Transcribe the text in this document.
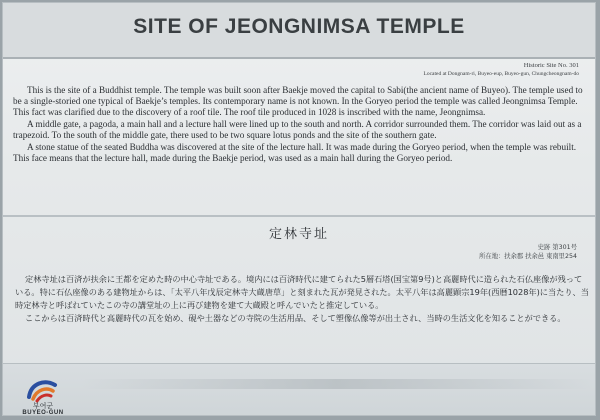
SITE OF JEONGNIMSA TEMPLE
Historic Site No. 301
Located at Dongnam-ri, Buyeo-eup, Buyeo-gun, Chungcheongnam-do

This is the site of a Buddhist temple. The temple was built soon after Baekje moved the capital to Sabi(the ancient name of Buyeo). The temple used to be a single-storied one typical of Baekje’s temples. Its contemporary name is not known. In the Goryeo period the temple was called Jeongnimsa Temple. This fact was clarified due to the discovery of a roof tile. The roof tile produced in 1028 is inscribed with the name, Jeongnimsa.

A middle gate, a pagoda, a main hall and a lecture hall were lined up to the south and north. A corridor surrounded them. The corridor was laid out as a trapezoid. To the south of the middle gate, there used to be two square lotus ponds and the site of the southern gate.

A stone statue of the seated Buddha was discovered at the site of the lecture hall. It was made during the Goryeo period, when the temple was rebuilt. This face means that the lecture hall, made during the Baekje period, was used as a main hall during the Goryeo period.

定林寺址
史跡 第301号
所在地：扶余郡 扶余邑 東南里254

定林寺址は百済が扶余に王都を定めた時の中心寺址である。境内には百済時代に建てられた5層石塔(国宝第9号)と高麗時代に造られた石仏座像が残っている。特に石仏座像のある建物址からは、「太平八年戊辰定林寺大蔵唐草」と刻まれた瓦が発見された。太平八年は高麗顕宗19年(西暦1028年)に当たり、当時定林寺と呼ばれていたこの寺の講堂址の上に再び建物を建て大蔵殿と呼んでいたと推定している。

ここからは百済時代と高麗時代の瓦を始め、硯や土器などの寺院の生活用品、そして塑像仏像等が出土され、当時の生活文化を知ることができる。

부여군
BUYEO-GUN
